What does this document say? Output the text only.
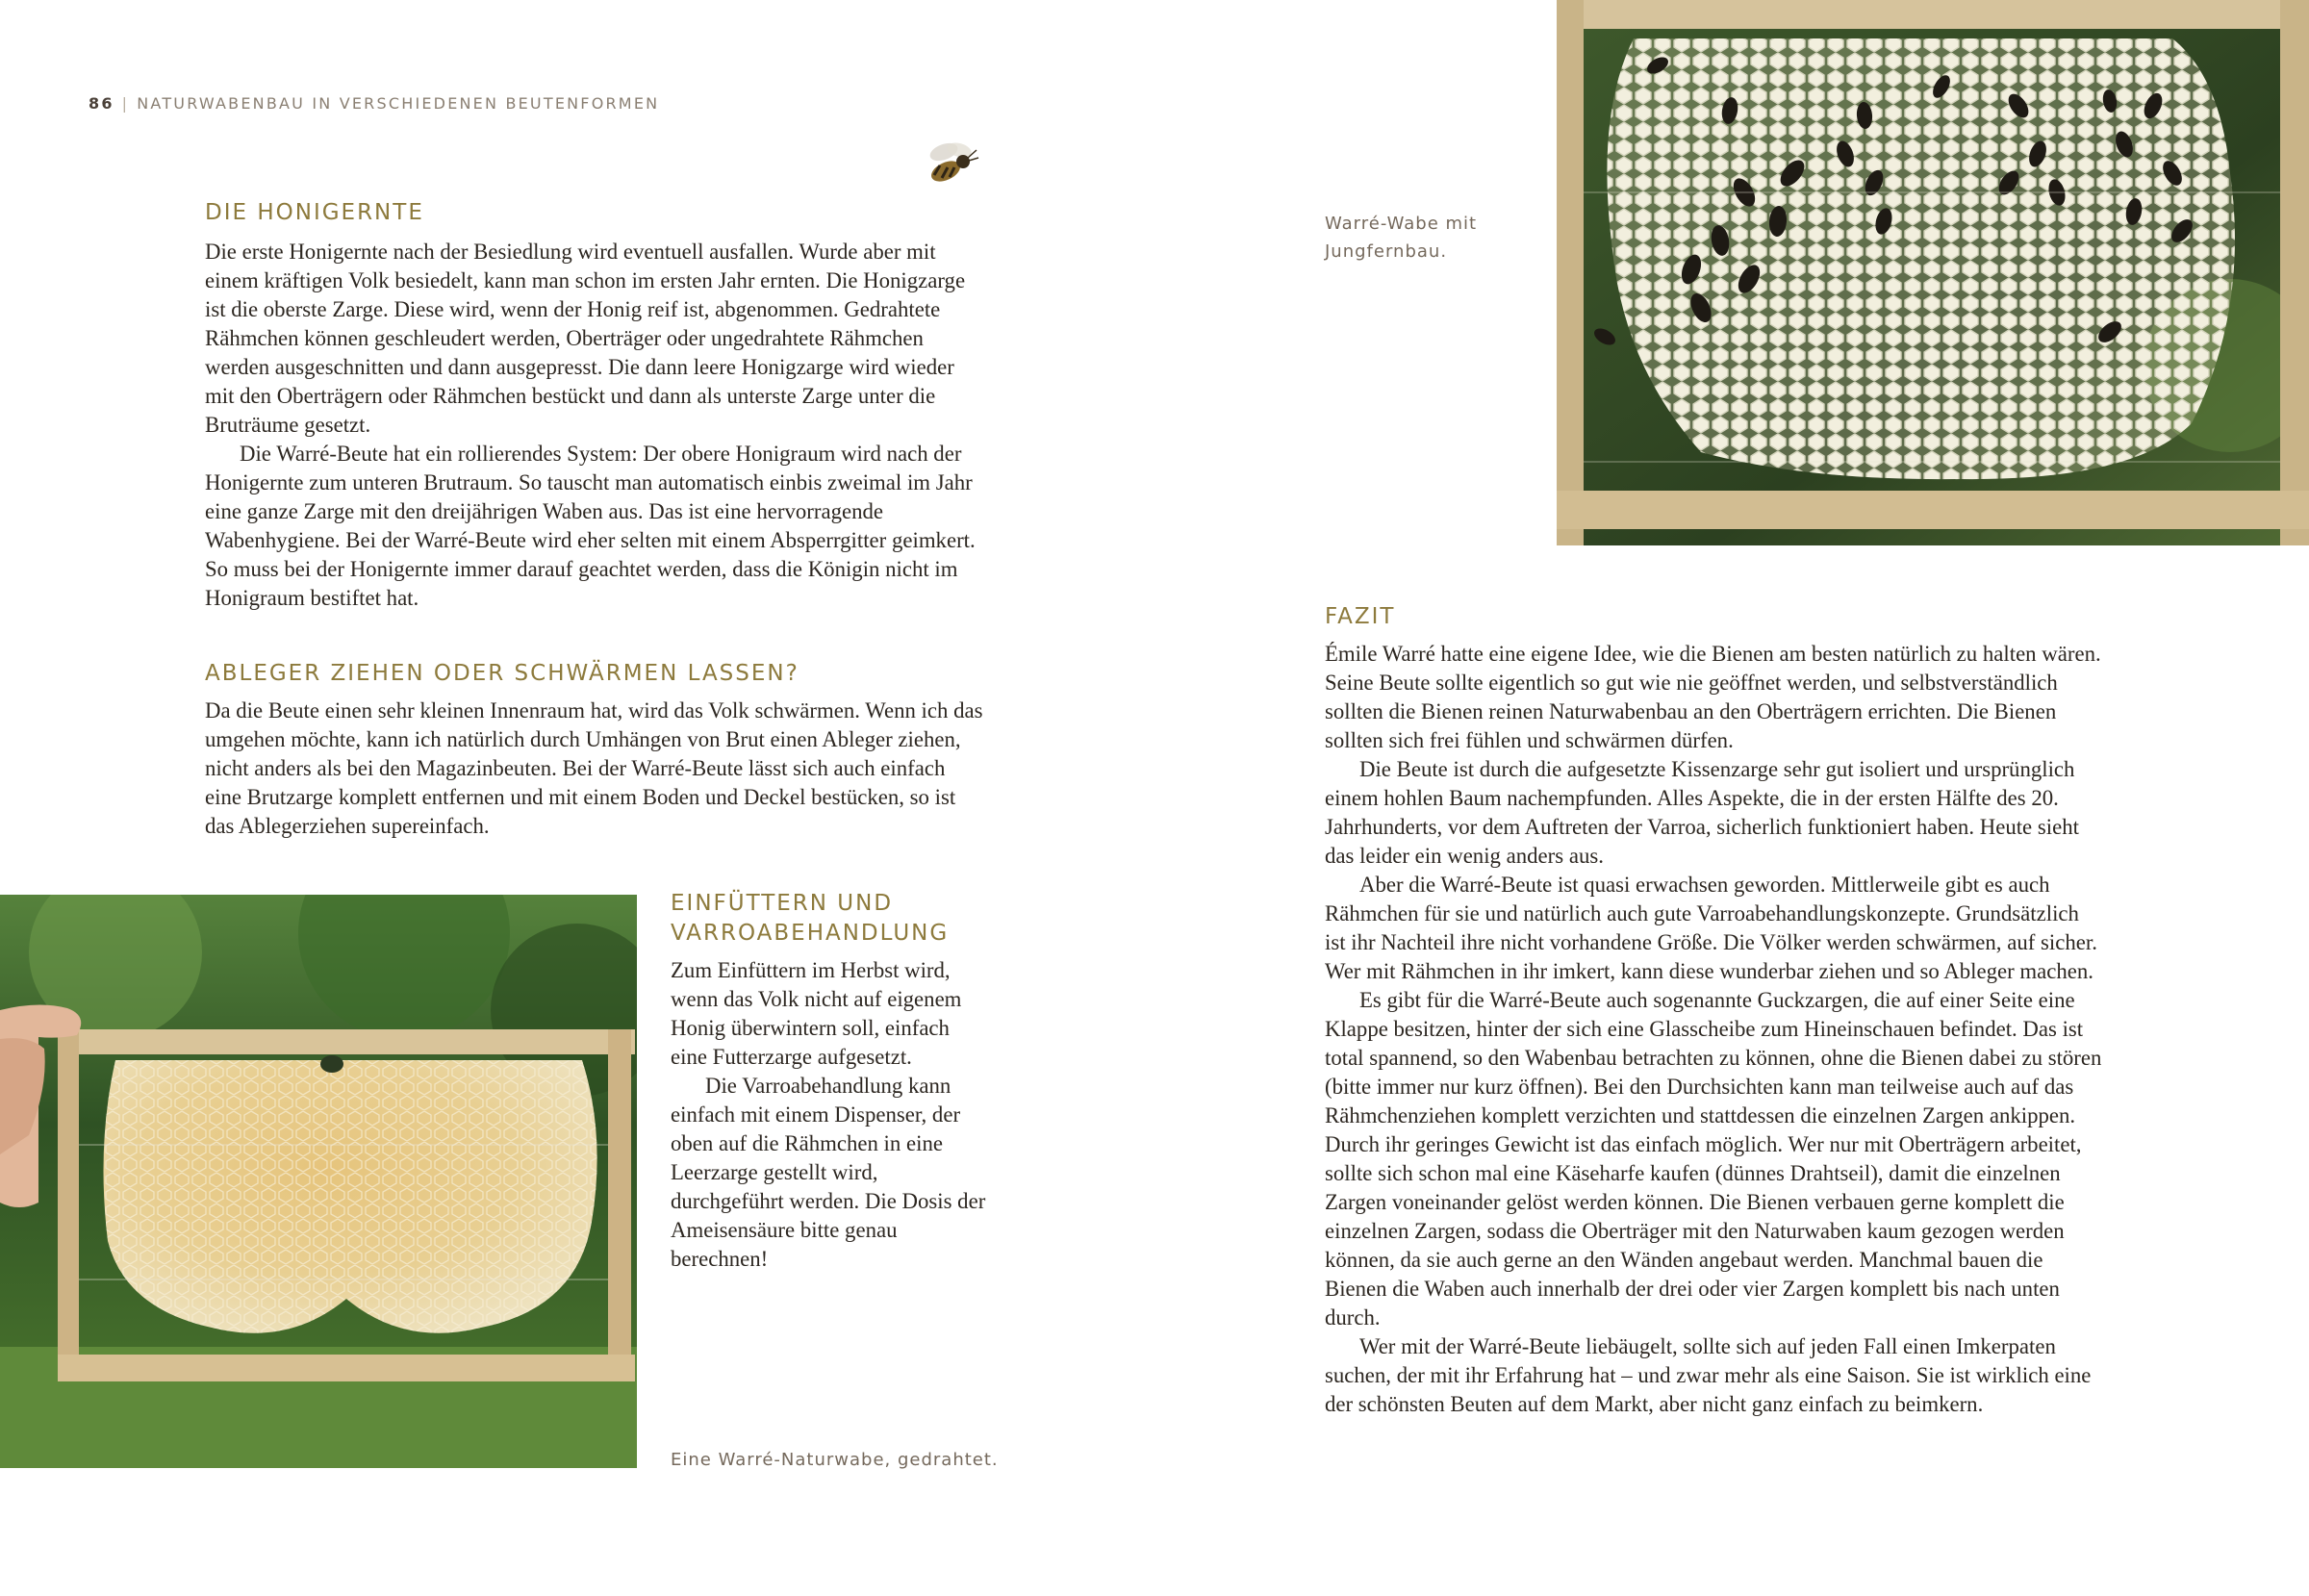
86 | NATURWABENBAU IN VERSCHIEDENEN BEUTENFORMEN
DIE HONIGERNTE

Die erste Honigernte nach der Besiedlung wird eventuell ausfallen. Wurde aber mit einem kräftigen Volk besiedelt, kann man schon im ersten Jahr ernten. Die Honigzarge ist die oberste Zarge. Diese wird, wenn der Honig reif ist, abgenommen. Gedrahtete Rähmchen können geschleudert werden, Oberträger oder ungedrahtete Rähmchen werden ausgeschnitten und dann ausgepresst. Die dann leere Honigzarge wird wieder mit den Oberträgern oder Rähmchen bestückt und dann als unterste Zarge unter die Bruträume gesetzt.

Die Warré-Beute hat ein rollierendes System: Der obere Honigraum wird nach der Honigernte zum unteren Brutraum. So tauscht man automatisch einbis zweimal im Jahr eine ganze Zarge mit den dreijährigen Waben aus. Das ist eine hervorragende Wabenhygiene. Bei der Warré-Beute wird eher selten mit einem Absperrgitter geimkert. So muss bei der Honigernte immer darauf geachtet werden, dass die Königin nicht im Honigraum bestiftet hat.

ABLEGER ZIEHEN ODER SCHWÄRMEN LASSEN?

Da die Beute einen sehr kleinen Innenraum hat, wird das Volk schwärmen. Wenn ich das umgehen möchte, kann ich natürlich durch Umhängen von Brut einen Ableger ziehen, nicht anders als bei den Magazinbeuten. Bei der Warré-Beute lässt sich auch einfach eine Brutzarge komplett entfernen und mit einem Boden und Deckel bestücken, so ist das Ablegerziehen supereinfach.

EINFÜTTERN UND
VARROABEHANDLUNG

Zum Einfüttern im Herbst wird, wenn das Volk nicht auf eigenem Honig überwintern soll, einfach eine Futterzarge aufgesetzt.

Die Varroabehandlung kann einfach mit einem Dispenser, der oben auf die Rähmchen in eine Leerzarge gestellt wird, durchgeführt werden. Die Dosis der Ameisensäure bitte genau berechnen!

Eine Warré-Naturwabe, gedrahtet.
Warré-Wabe mit
Jungfernbau.
FAZIT

Émile Warré hatte eine eigene Idee, wie die Bienen am besten natürlich zu halten wären. Seine Beute sollte eigentlich so gut wie nie geöffnet werden, und selbstverständlich sollten die Bienen reinen Naturwabenbau an den Oberträgern errichten. Die Bienen sollten sich frei fühlen und schwärmen dürfen.

Die Beute ist durch die aufgesetzte Kissenzarge sehr gut isoliert und ursprünglich einem hohlen Baum nachempfunden. Alles Aspekte, die in der ersten Hälfte des 20. Jahrhunderts, vor dem Auftreten der Varroa, sicherlich funktioniert haben. Heute sieht das leider ein wenig anders aus.

Aber die Warré-Beute ist quasi erwachsen geworden. Mittlerweile gibt es auch Rähmchen für sie und natürlich auch gute Varroabehandlungskonzepte. Grundsätzlich ist ihr Nachteil ihre nicht vorhandene Größe. Die Völker werden schwärmen, auf sicher. Wer mit Rähmchen in ihr imkert, kann diese wunderbar ziehen und so Ableger machen.

Es gibt für die Warré-Beute auch sogenannte Guckzargen, die auf einer Seite eine Klappe besitzen, hinter der sich eine Glasscheibe zum Hineinschauen befindet. Das ist total spannend, so den Wabenbau betrachten zu können, ohne die Bienen dabei zu stören (bitte immer nur kurz öffnen). Bei den Durchsichten kann man teilweise auch auf das Rähmchenziehen komplett verzichten und stattdessen die einzelnen Zargen ankippen. Durch ihr geringes Gewicht ist das einfach möglich. Wer nur mit Oberträgern arbeitet, sollte sich schon mal eine Käseharfe kaufen (dünnes Drahtseil), damit die einzelnen Zargen voneinander gelöst werden können. Die Bienen verbauen gerne komplett die einzelnen Zargen, sodass die Oberträger mit den Naturwaben kaum gezogen werden können, da sie auch gerne an den Wänden angebaut werden. Manchmal bauen die Bienen die Waben auch innerhalb der drei oder vier Zargen komplett bis nach unten durch.

Wer mit der Warré-Beute liebäugelt, sollte sich auf jeden Fall einen Imkerpaten suchen, der mit ihr Erfahrung hat – und zwar mehr als eine Saison. Sie ist wirklich eine der schönsten Beuten auf dem Markt, aber nicht ganz einfach zu beimkern.
